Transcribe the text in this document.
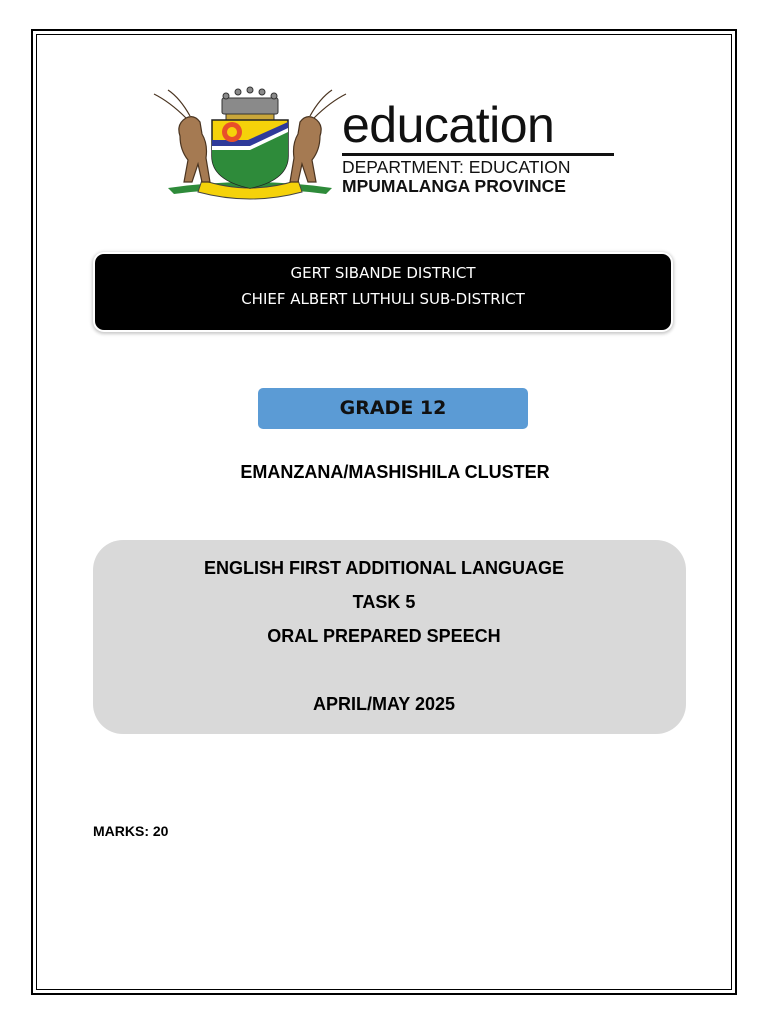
education
DEPARTMENT: EDUCATION
MPUMALANGA PROVINCE
GERT SIBANDE DISTRICT
CHIEF ALBERT LUTHULI SUB-DISTRICT
GRADE 12
EMANZANA/MASHISHILA CLUSTER
ENGLISH FIRST ADDITIONAL LANGUAGE
TASK 5
ORAL PREPARED SPEECH
APRIL/MAY 2025
MARKS: 20
